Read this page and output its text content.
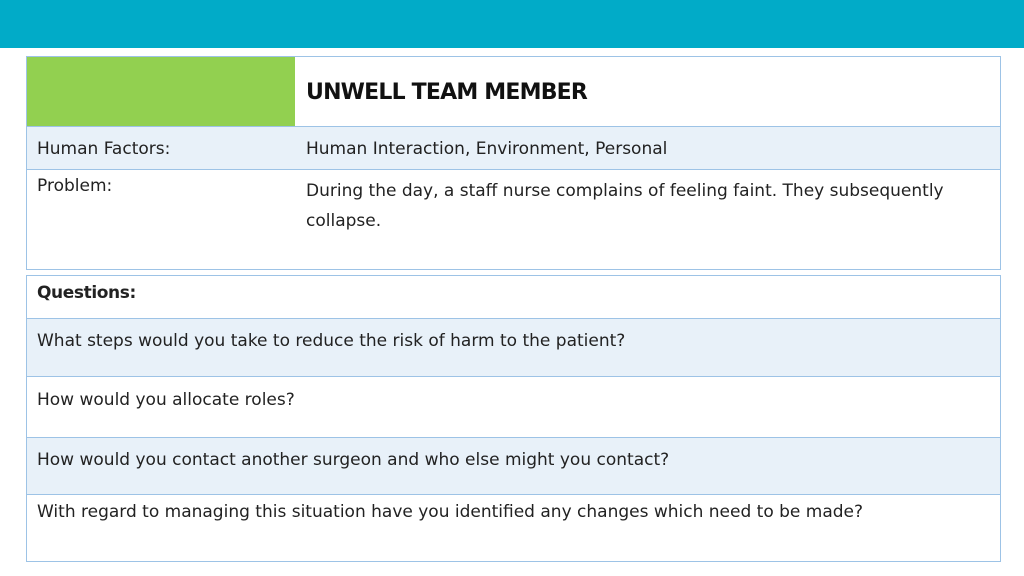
UNWELL TEAM MEMBER
Human Factors:	Human Interaction, Environment, Personal
Problem:	During the day, a staff nurse complains of feeling faint. They subsequently collapse.
Questions:
What steps would you take to reduce the risk of harm to the patient?
How would you allocate roles?
How would you contact another surgeon and who else might you contact?
With regard to managing this situation have you identified any changes which need to be made?
